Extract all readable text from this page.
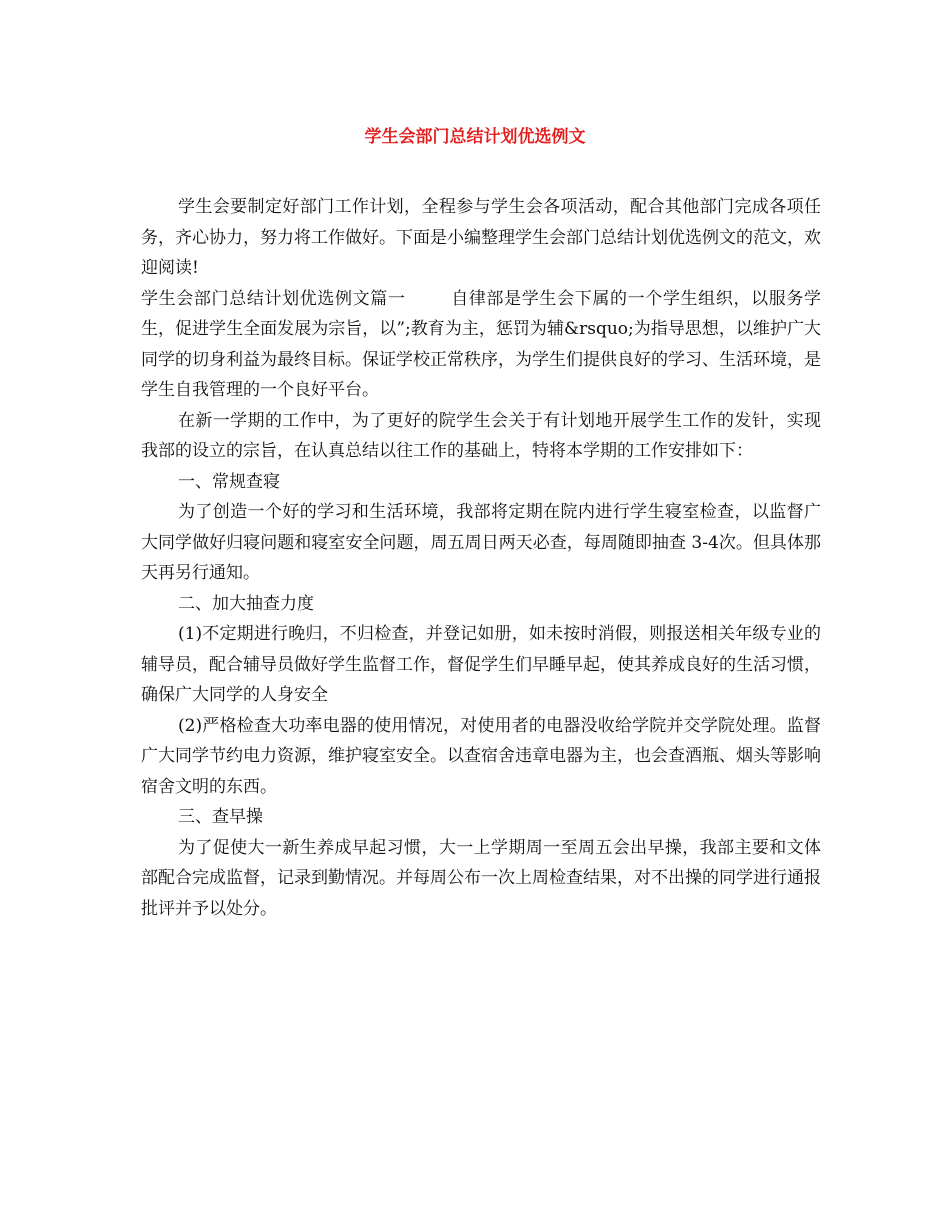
学生会部门总结计划优选例文

学生会要制定好部门工作计划，全程参与学生会各项活动，配合其他部门完成各项任务，齐心协力，努力将工作做好。下面是小编整理学生会部门总结计划优选例文的范文，欢迎阅读!

学生会部门总结计划优选例文篇一	自律部是学生会下属的一个学生组织，以服务学生，促进学生全面发展为宗旨，以”;教育为主，惩罚为辅&rsquo;为指导思想，以维护广大同学的切身利益为最终目标。保证学校正常秩序，为学生们提供良好的学习、生活环境，是学生自我管理的一个良好平台。

在新一学期的工作中，为了更好的院学生会关于有计划地开展学生工作的发针，实现我部的设立的宗旨，在认真总结以往工作的基础上，特将本学期的工作安排如下：

一、常规查寝

为了创造一个好的学习和生活环境，我部将定期在院内进行学生寝室检查，以监督广大同学做好归寝问题和寝室安全问题，周五周日两天必查，每周随即抽查 3-4次。但具体那天再另行通知。

二、加大抽查力度

(1)不定期进行晚归，不归检查，并登记如册，如未按时消假，则报送相关年级专业的辅导员，配合辅导员做好学生监督工作，督促学生们早睡早起，使其养成良好的生活习惯，确保广大同学的人身安全

(2)严格检查大功率电器的使用情况，对使用者的电器没收给学院并交学院处理。监督广大同学节约电力资源，维护寝室安全。以查宿舍违章电器为主，也会查酒瓶、烟头等影响宿舍文明的东西。

三、查早操

为了促使大一新生养成早起习惯，大一上学期周一至周五会出早操，我部主要和文体部配合完成监督，记录到勤情况。并每周公布一次上周检查结果，对不出操的同学进行通报批评并予以处分。
